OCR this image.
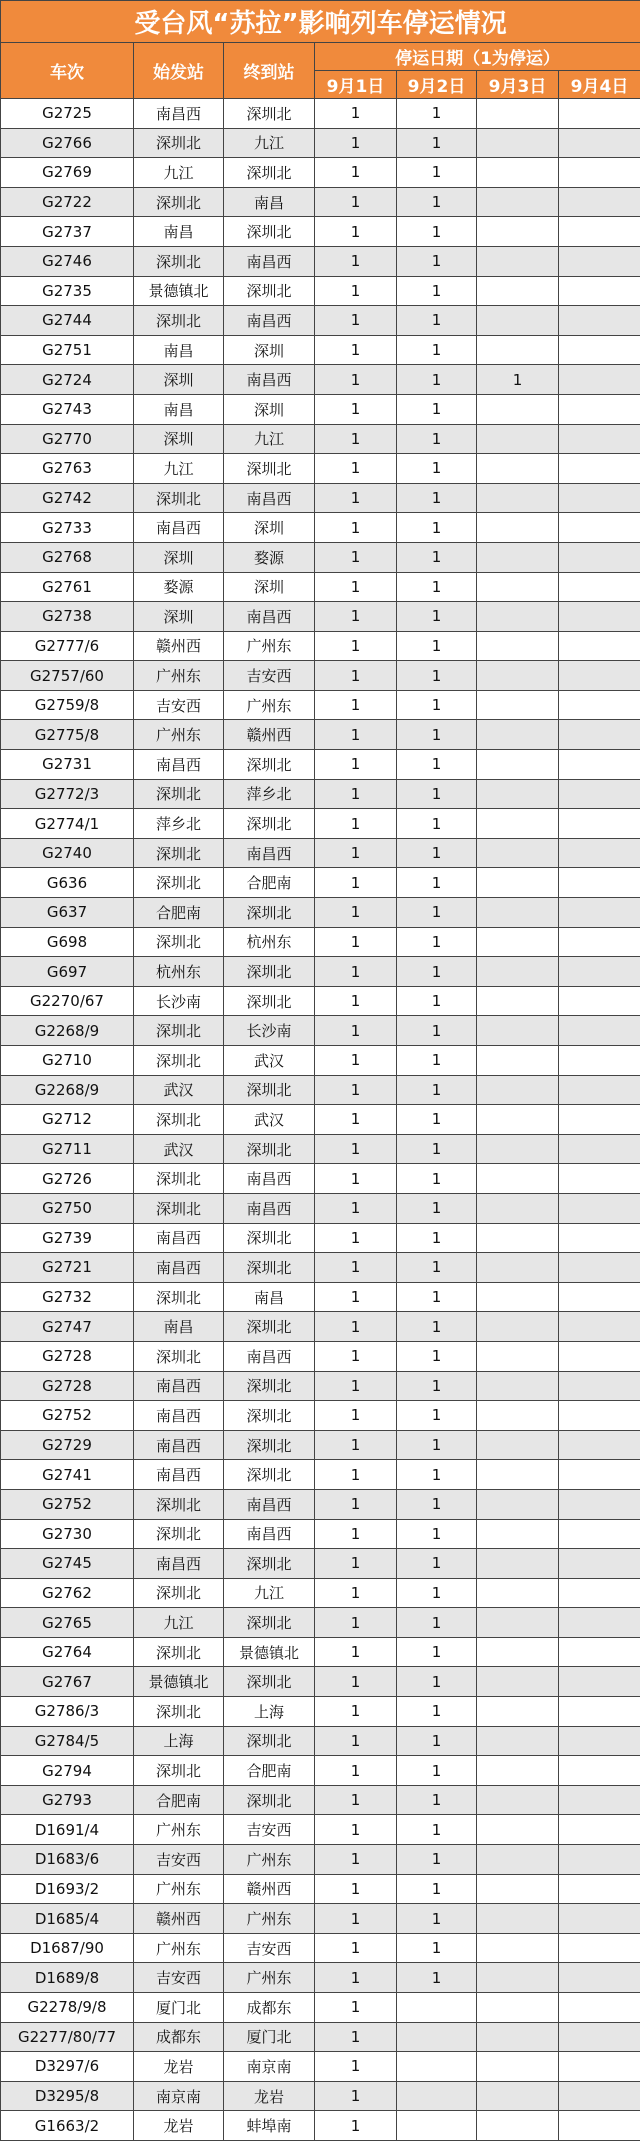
受台风“苏拉”影响列车停运情况						
车次	始发站	终到站	停运日期（1为停运）			
			9月1日	9月2日	9月3日	9月4日
G2725	南昌西	深圳北	1	1		
G2766	深圳北	九江	1	1		
G2769	九江	深圳北	1	1		
G2722	深圳北	南昌	1	1		
G2737	南昌	深圳北	1	1		
G2746	深圳北	南昌西	1	1		
G2735	景德镇北	深圳北	1	1		
G2744	深圳北	南昌西	1	1		
G2751	南昌	深圳	1	1		
G2724	深圳	南昌西	1	1	1	
G2743	南昌	深圳	1	1		
G2770	深圳	九江	1	1		
G2763	九江	深圳北	1	1		
G2742	深圳北	南昌西	1	1		
G2733	南昌西	深圳	1	1		
G2768	深圳	婺源	1	1		
G2761	婺源	深圳	1	1		
G2738	深圳	南昌西	1	1		
G2777/6	赣州西	广州东	1	1		
G2757/60	广州东	吉安西	1	1		
G2759/8	吉安西	广州东	1	1		
G2775/8	广州东	赣州西	1	1		
G2731	南昌西	深圳北	1	1		
G2772/3	深圳北	萍乡北	1	1		
G2774/1	萍乡北	深圳北	1	1		
G2740	深圳北	南昌西	1	1		
G636	深圳北	合肥南	1	1		
G637	合肥南	深圳北	1	1		
G698	深圳北	杭州东	1	1		
G697	杭州东	深圳北	1	1		
G2270/67	长沙南	深圳北	1	1		
G2268/9	深圳北	长沙南	1	1		
G2710	深圳北	武汉	1	1		
G2268/9	武汉	深圳北	1	1		
G2712	深圳北	武汉	1	1		
G2711	武汉	深圳北	1	1		
G2726	深圳北	南昌西	1	1		
G2750	深圳北	南昌西	1	1		
G2739	南昌西	深圳北	1	1		
G2721	南昌西	深圳北	1	1		
G2732	深圳北	南昌	1	1		
G2747	南昌	深圳北	1	1		
G2728	深圳北	南昌西	1	1		
G2728	南昌西	深圳北	1	1		
G2752	南昌西	深圳北	1	1		
G2729	南昌西	深圳北	1	1		
G2741	南昌西	深圳北	1	1		
G2752	深圳北	南昌西	1	1		
G2730	深圳北	南昌西	1	1		
G2745	南昌西	深圳北	1	1		
G2762	深圳北	九江	1	1		
G2765	九江	深圳北	1	1		
G2764	深圳北	景德镇北	1	1		
G2767	景德镇北	深圳北	1	1		
G2786/3	深圳北	上海	1	1		
G2784/5	上海	深圳北	1	1		
G2794	深圳北	合肥南	1	1		
G2793	合肥南	深圳北	1	1		
D1691/4	广州东	吉安西	1	1		
D1683/6	吉安西	广州东	1	1		
D1693/2	广州东	赣州西	1	1		
D1685/4	赣州西	广州东	1	1		
D1687/90	广州东	吉安西	1	1		
D1689/8	吉安西	广州东	1	1		
G2278/9/8	厦门北	成都东	1			
G2277/80/77	成都东	厦门北	1			
D3297/6	龙岩	南京南	1			
D3295/8	南京南	龙岩	1			
G1663/2	龙岩	蚌埠南	1			
